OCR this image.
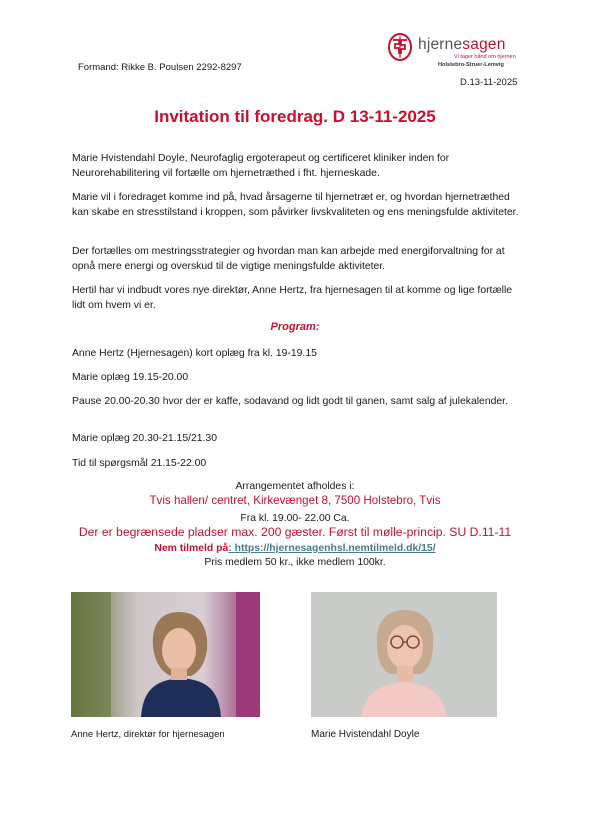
Formand: Rikke B. Poulsen 2292-8297
hjernesagen
Vi tager hånd om hjernen
Holstebro-Struer-Lemvig
D.13-11-2025
Invitation til foredrag. D 13-11-2025
Marie Hvistendahl Doyle, Neurofaglig ergoterapeut og certificeret kliniker inden for Neurorehabilitering vil fortælle om hjernetræthed i fht. hjerneskade.
Marie vil i foredraget komme ind på, hvad årsagerne til hjernetræt er, og hvordan hjernetræthed kan skabe en stresstilstand i kroppen, som påvirker livskvaliteten og ens meningsfulde aktiviteter.
Der fortælles om mestringsstrategier og hvordan man kan arbejde med energiforvaltning for at opnå mere energi og overskud til de vigtige meningsfulde aktiviteter.
Hertil har vi indbudt vores nye direktør, Anne Hertz, fra hjernesagen til at komme og lige fortælle lidt om hvem vi er.
Program:
Anne Hertz (Hjernesagen) kort oplæg fra kl. 19-19.15
Marie oplæg 19.15-20.00
Pause 20.00-20.30 hvor der er kaffe, sodavand og lidt godt til ganen, samt salg af julekalender.
Marie oplæg 20.30-21.15/21.30
Tid til spørgsmål 21.15-22.00
Arrangementet afholdes i:
Tvis hallen/ centret, Kirkevænget 8, 7500 Holstebro, Tvis
Fra kl. 19.00- 22.00 Ca.
Der er begrænsede pladser max. 200 gæster. Først til mølle-princip. SU D.11-11
Nem tilmeld på: https://hjernesagenhsl.nemtilmeld.dk/15/
Pris medlem 50 kr., ikke medlem 100kr.
Anne Hertz, direktør for hjernesagen	Marie Hvistendahl Doyle
